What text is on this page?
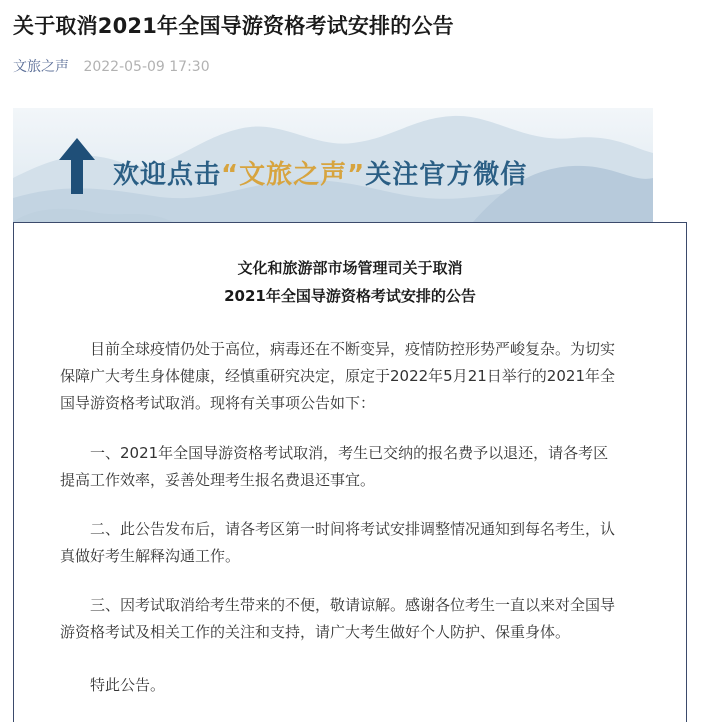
关于取消2021年全国导游资格考试安排的公告
文旅之声 2022-05-09 17:30
欢迎点击“文旅之声”关注官方微信
文化和旅游部市场管理司关于取消
2021年全国导游资格考试安排的公告
　　目前全球疫情仍处于高位，病毒还在不断变异，疫情防控形势严峻复杂。为切实
保障广大考生身体健康，经慎重研究决定，原定于2022年5月21日举行的2021年全
国导游资格考试取消。现将有关事项公告如下：
　　一、2021年全国导游资格考试取消，考生已交纳的报名费予以退还，请各考区
提高工作效率，妥善处理考生报名费退还事宜。
　　二、此公告发布后，请各考区第一时间将考试安排调整情况通知到每名考生，认
真做好考生解释沟通工作。
　　三、因考试取消给考生带来的不便，敬请谅解。感谢各位考生一直以来对全国导
游资格考试及相关工作的关注和支持，请广大考生做好个人防护、保重身体。
　　特此公告。
